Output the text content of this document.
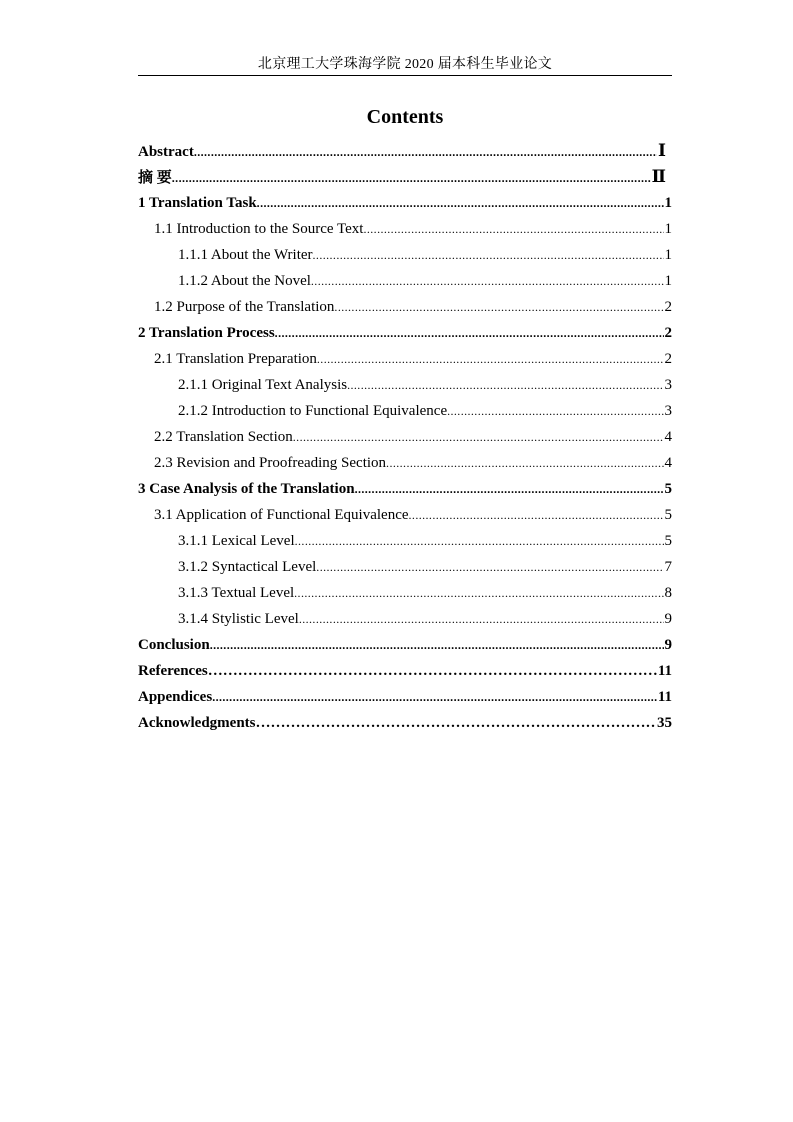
北京理工大学珠海学院 2020 届本科生毕业论文
Contents
Abstract .....	Ⅰ
摘 要 .....	Ⅱ
1 Translation Task .....	1
1.1 Introduction to the Source Text .....	1
1.1.1 About the Writer .....	1
1.1.2 About the Novel .....	1
1.2 Purpose of the Translation .....	2
2 Translation Process .....	2
2.1 Translation Preparation .....	2
2.1.1 Original Text Analysis .....	3
2.1.2 Introduction to Functional Equivalence .....	3
2.2 Translation Section .....	4
2.3 Revision and Proofreading Section .....	4
3 Case Analysis of the Translation .....	5
3.1 Application of Functional Equivalence .....	5
3.1.1 Lexical Level .....	5
3.1.2 Syntactical Level .....	7
3.1.3 Textual Level .....	8
3.1.4 Stylistic Level .....	9
Conclusion .....	9
References ……………………………………………………………………………………………………………………………………	11
Appendices .....	11
Acknowledgments ……………………………………………………………………………………………………………………………………	35
